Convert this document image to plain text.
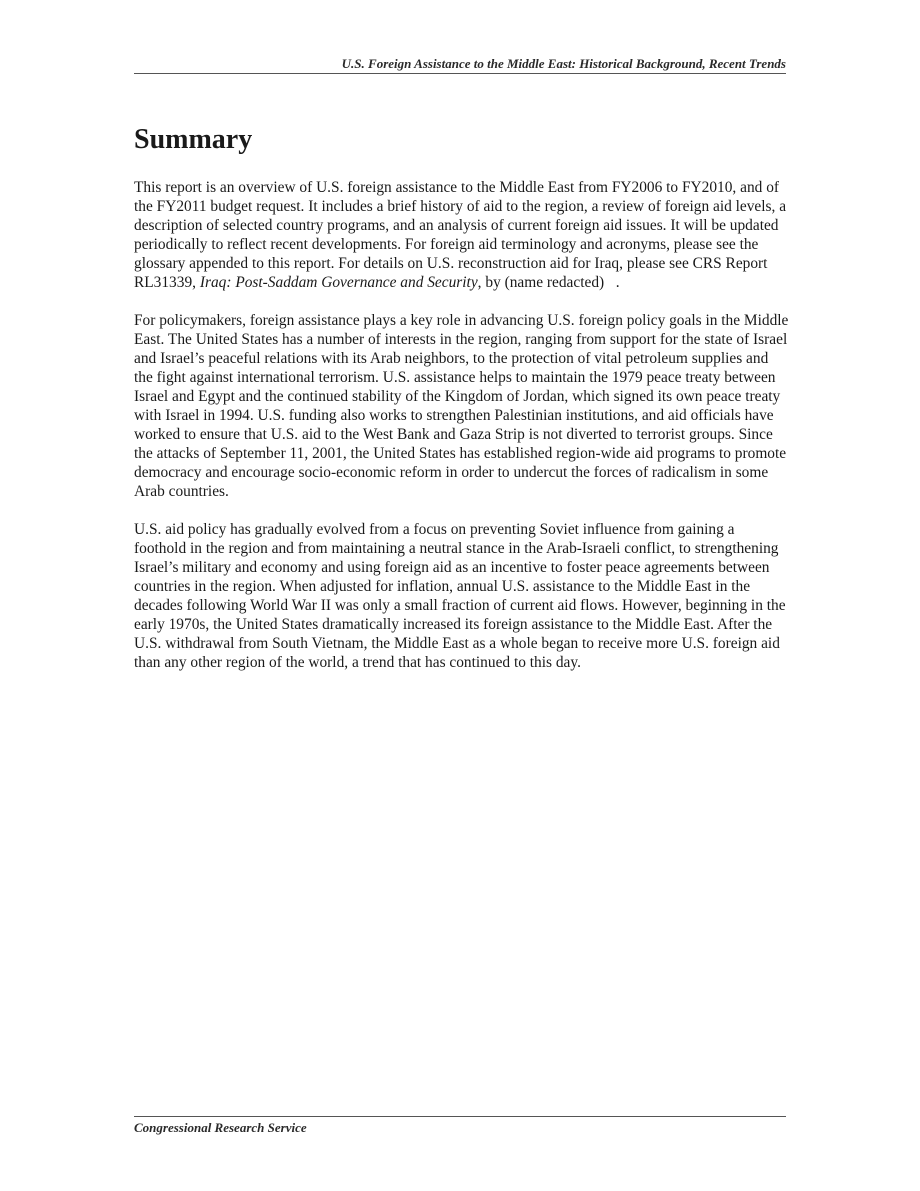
U.S. Foreign Assistance to the Middle East: Historical Background, Recent Trends
Summary

This report is an overview of U.S. foreign assistance to the Middle East from FY2006 to FY2010, and of the FY2011 budget request. It includes a brief history of aid to the region, a review of foreign aid levels, a description of selected country programs, and an analysis of current foreign aid issues. It will be updated periodically to reflect recent developments. For foreign aid terminology and acronyms, please see the glossary appended to this report. For details on U.S. reconstruction aid for Iraq, please see CRS Report RL31339, Iraq: Post-Saddam Governance and Security, by (name redacted)   .

For policymakers, foreign assistance plays a key role in advancing U.S. foreign policy goals in the Middle East. The United States has a number of interests in the region, ranging from support for the state of Israel and Israel’s peaceful relations with its Arab neighbors, to the protection of vital petroleum supplies and the fight against international terrorism. U.S. assistance helps to maintain the 1979 peace treaty between Israel and Egypt and the continued stability of the Kingdom of Jordan, which signed its own peace treaty with Israel in 1994. U.S. funding also works to strengthen Palestinian institutions, and aid officials have worked to ensure that U.S. aid to the West Bank and Gaza Strip is not diverted to terrorist groups. Since the attacks of September 11, 2001, the United States has established region-wide aid programs to promote democracy and encourage socio-economic reform in order to undercut the forces of radicalism in some Arab countries.

U.S. aid policy has gradually evolved from a focus on preventing Soviet influence from gaining a foothold in the region and from maintaining a neutral stance in the Arab-Israeli conflict, to strengthening Israel’s military and economy and using foreign aid as an incentive to foster peace agreements between countries in the region. When adjusted for inflation, annual U.S. assistance to the Middle East in the decades following World War II was only a small fraction of current aid flows. However, beginning in the early 1970s, the United States dramatically increased its foreign assistance to the Middle East. After the U.S. withdrawal from South Vietnam, the Middle East as a whole began to receive more U.S. foreign aid than any other region of the world, a trend that has continued to this day.

Congressional Research Service
